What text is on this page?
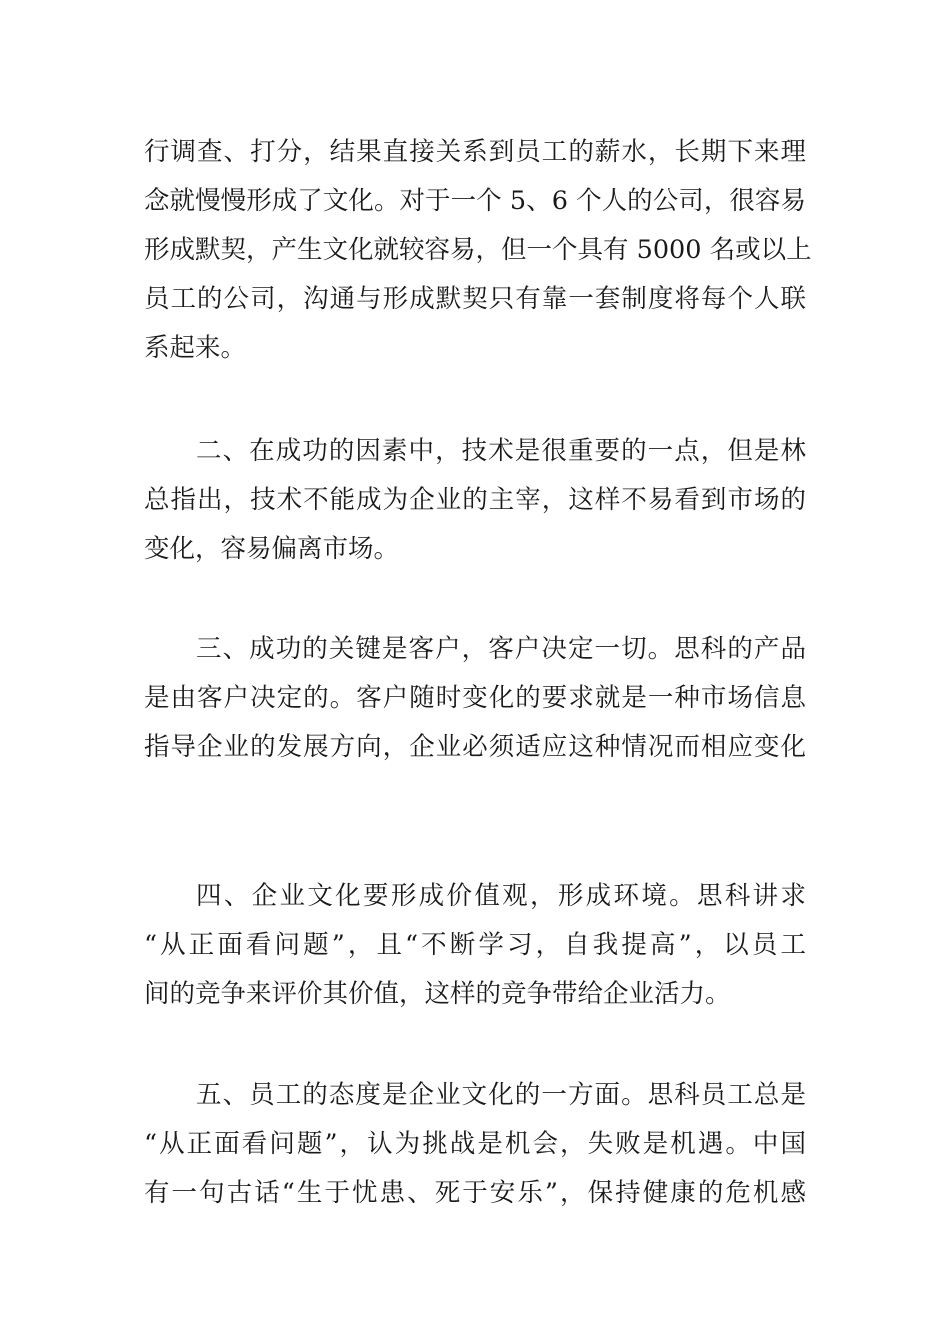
行调查、打分，结果直接关系到员工的薪水，长期下来理
念就慢慢形成了文化。对于一个 5、6 个人的公司，很容易
形成默契，产生文化就较容易，但一个具有 5000 名或以上
员工的公司，沟通与形成默契只有靠一套制度将每个人联
系起来。
二、在成功的因素中，技术是很重要的一点，但是林
总指出，技术不能成为企业的主宰，这样不易看到市场的
变化，容易偏离市场。
三、成功的关键是客户，客户决定一切。思科的产品
是由客户决定的。客户随时变化的要求就是一种市场信息
指导企业的发展方向，企业必须适应这种情况而相应变化
四、企业文化要形成价值观，形成环境。思科讲求
“从正面看问题”，且“不断学习，自我提高”，以员工
间的竞争来评价其价值，这样的竞争带给企业活力。
五、员工的态度是企业文化的一方面。思科员工总是
“从正面看问题”，认为挑战是机会，失败是机遇。中国
有一句古话“生于忧患、死于安乐”，保持健康的危机感
